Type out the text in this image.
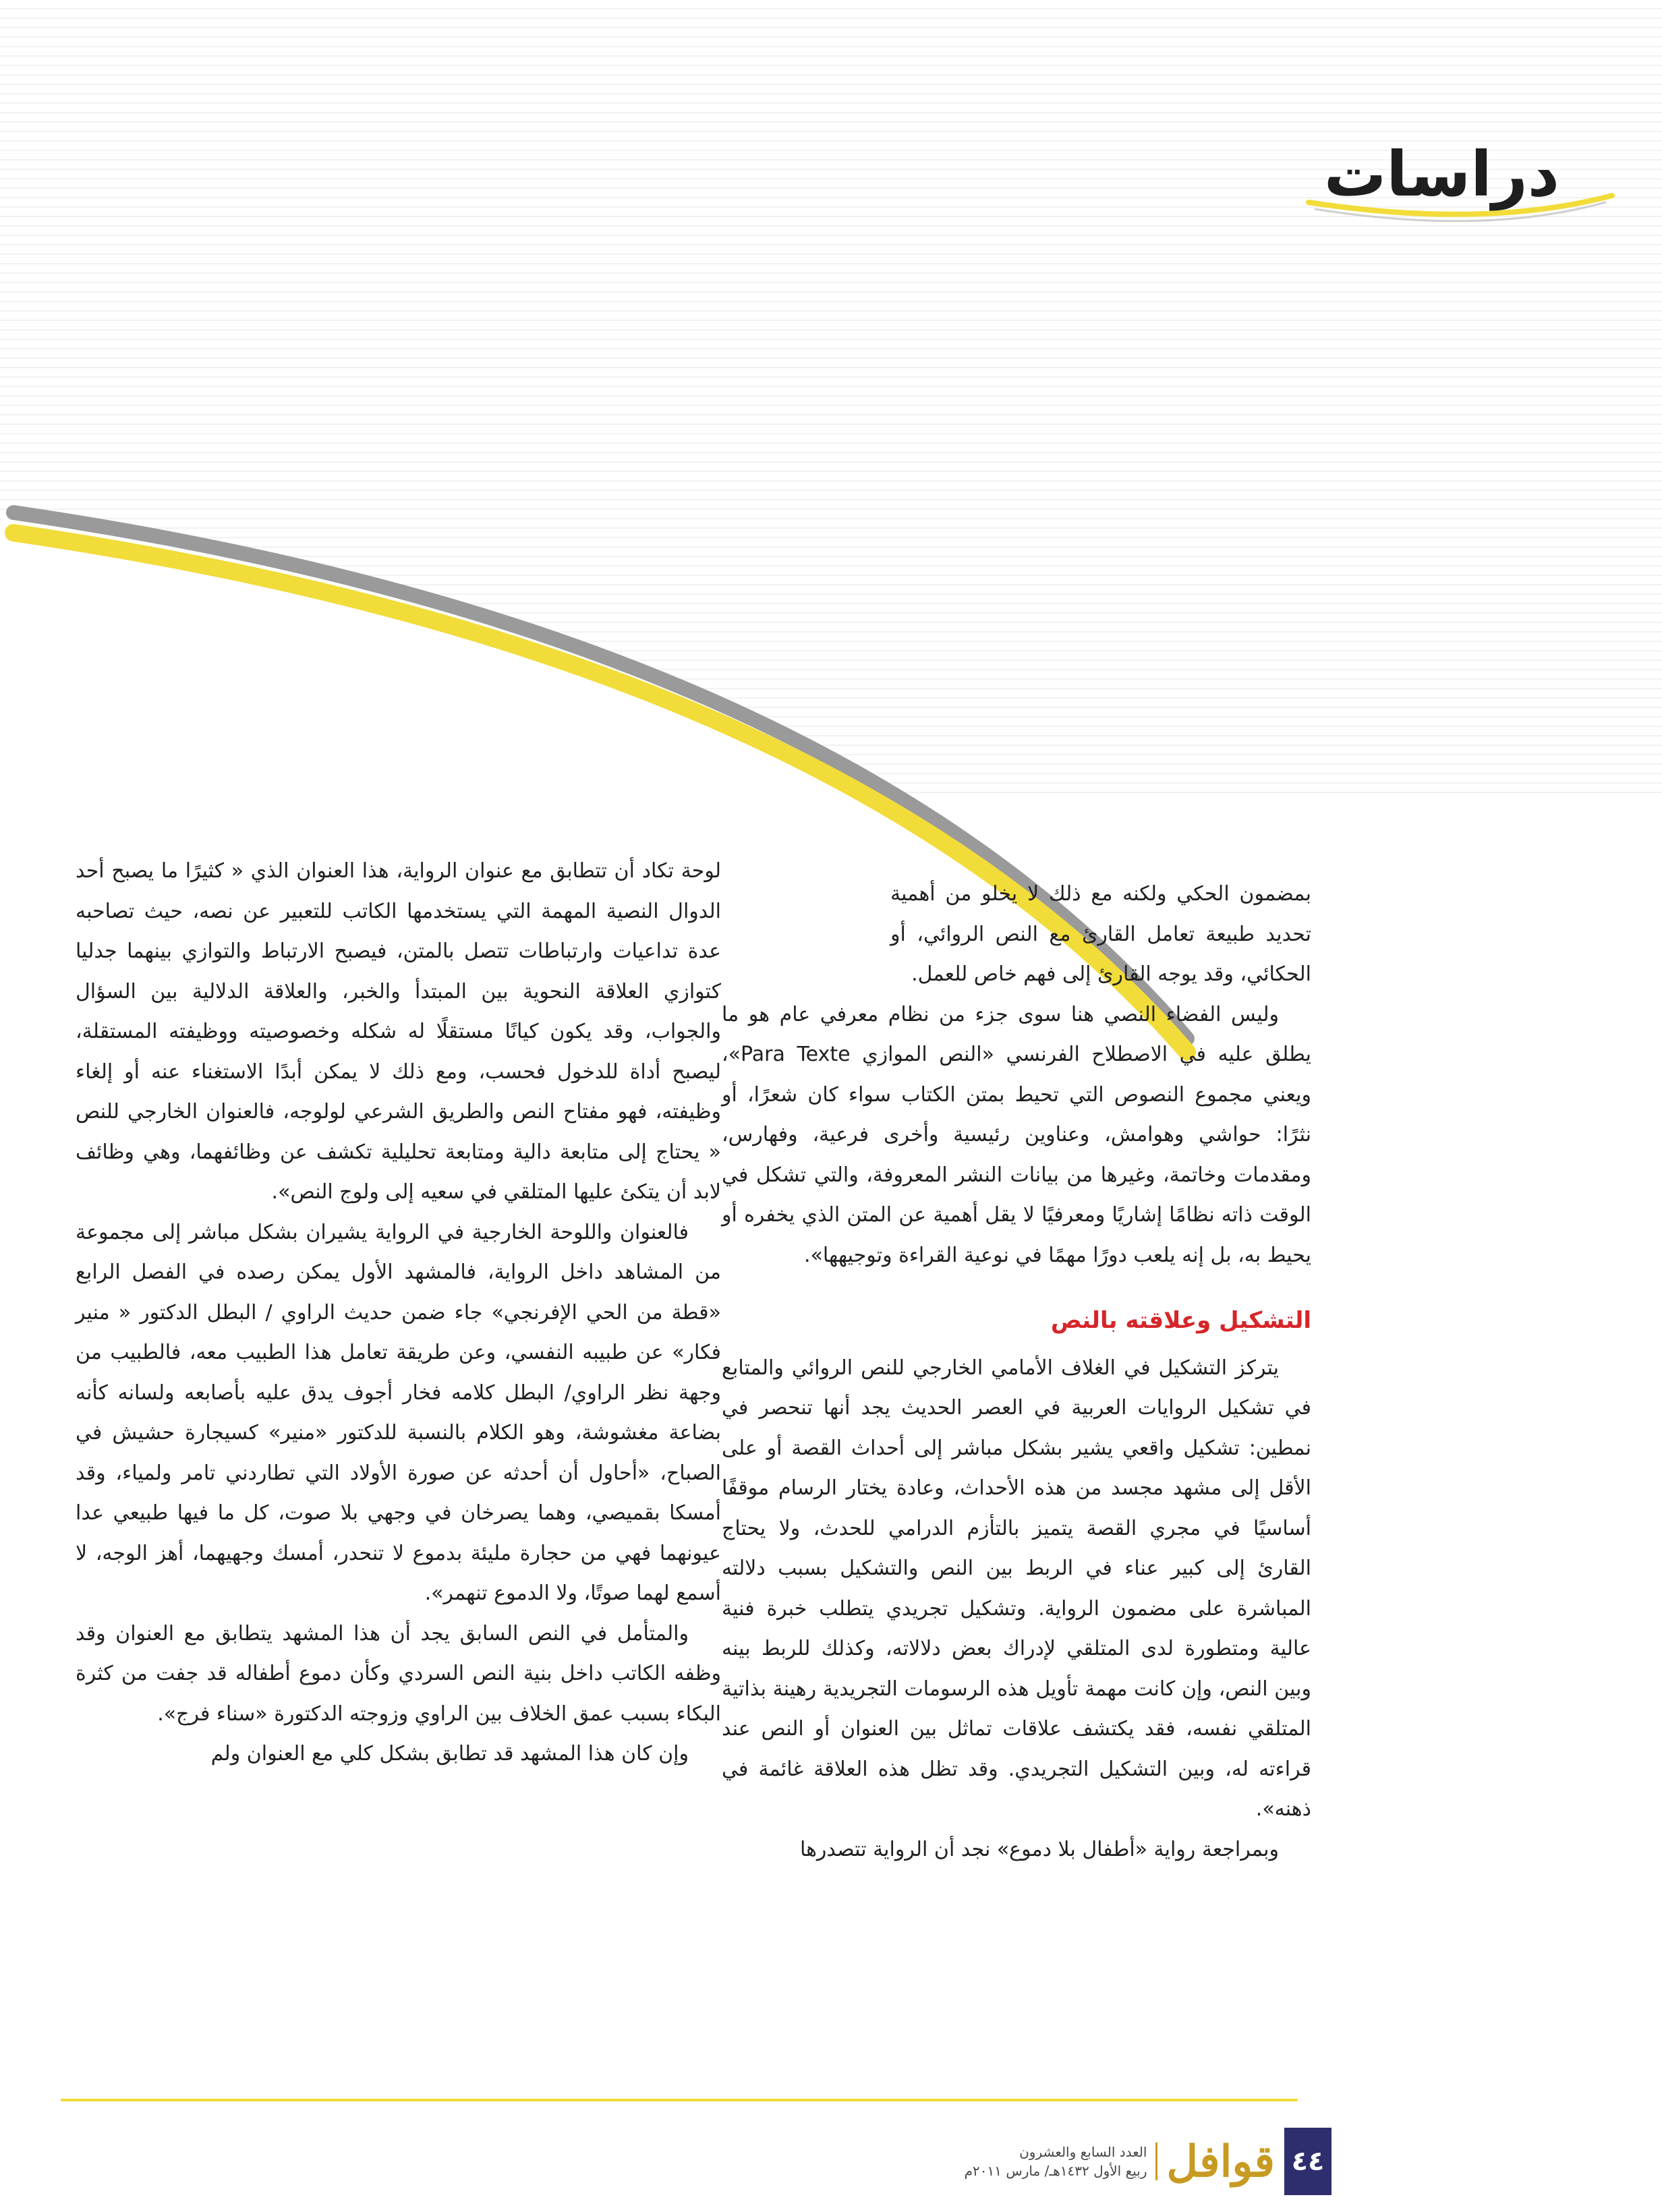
دراسات

بمضمون الحكي ولكنه مع ذلك لا يخلو من أهمية تحديد طبيعة تعامل القارئ مع النص الروائي، أو الحكائي، وقد يوجه القارئ إلى فهم خاص للعمل.

وليس الفضاء النصي هنا سوى جزء من نظام معرفي عام هو ما يطلق عليه في الاصطلاح الفرنسي «النص الموازي Para Texte»، ويعني مجموع النصوص التي تحيط بمتن الكتاب سواء كان شعرًا، أو نثرًا: حواشي وهوامش، وعناوين رئيسية وأخرى فرعية، وفهارس، ومقدمات وخاتمة، وغيرها من بيانات النشر المعروفة، والتي تشكل في الوقت ذاته نظامًا إشاريًا ومعرفيًا لا يقل أهمية عن المتن الذي يخفره أو يحيط به، بل إنه يلعب دورًا مهمًا في نوعية القراءة وتوجيهها».

التشكيل وعلاقته بالنص

يتركز التشكيل في الغلاف الأمامي الخارجي للنص الروائي والمتابع في تشكيل الروايات العربية في العصر الحديث يجد أنها تنحصر في نمطين: تشكيل واقعي يشير بشكل مباشر إلى أحداث القصة أو على الأقل إلى مشهد مجسد من هذه الأحداث، وعادة يختار الرسام موقفًا أساسيًا في مجري القصة يتميز بالتأزم الدرامي للحدث، ولا يحتاج القارئ إلى كبير عناء في الربط بين النص والتشكيل بسبب دلالته المباشرة على مضمون الرواية. وتشكيل تجريدي يتطلب خبرة فنية عالية ومتطورة لدى المتلقي لإدراك بعض دلالاته، وكذلك للربط بينه وبين النص، وإن كانت مهمة تأويل هذه الرسومات التجريدية رهينة بذاتية المتلقي نفسه، فقد يكتشف علاقات تماثل بين العنوان أو النص عند قراءته له، وبين التشكيل التجريدي. وقد تظل هذه العلاقة غائمة في ذهنه».

وبمراجعة رواية «أطفال بلا دموع» نجد أن الرواية تتصدرها

لوحة تكاد أن تتطابق مع عنوان الرواية، هذا العنوان الذي « كثيرًا ما يصبح أحد الدوال النصية المهمة التي يستخدمها الكاتب للتعبير عن نصه، حيث تصاحبه عدة تداعيات وارتباطات تتصل بالمتن، فيصبح الارتباط والتوازي بينهما جدليا كتوازي العلاقة النحوية بين المبتدأ والخبر، والعلاقة الدلالية بين السؤال والجواب، وقد يكون كيانًا مستقلًا له شكله وخصوصيته ووظيفته المستقلة، ليصبح أداة للدخول فحسب، ومع ذلك لا يمكن أبدًا الاستغناء عنه أو إلغاء وظيفته، فهو مفتاح النص والطريق الشرعي لولوجه، فالعنوان الخارجي للنص « يحتاج إلى متابعة دالية ومتابعة تحليلية تكشف عن وظائفهما، وهي وظائف لابد أن يتكئ عليها المتلقي في سعيه إلى ولوج النص».

فالعنوان واللوحة الخارجية في الرواية يشيران بشكل مباشر إلى مجموعة من المشاهد داخل الرواية، فالمشهد الأول يمكن رصده في الفصل الرابع «قطة من الحي الإفرنجي» جاء ضمن حديث الراوي / البطل الدكتور « منير فكار» عن طبيبه النفسي، وعن طريقة تعامل هذا الطبيب معه، فالطبيب من وجهة نظر الراوي/ البطل كلامه فخار أجوف يدق عليه بأصابعه ولسانه كأنه بضاعة مغشوشة، وهو الكلام بالنسبة للدكتور «منير» كسيجارة حشيش في الصباح، «أحاول أن أحدثه عن صورة الأولاد التي تطاردني تامر ولمياء، وقد أمسكا بقميصي، وهما يصرخان في وجهي بلا صوت، كل ما فيها طبيعي عدا عيونهما فهي من حجارة مليئة بدموع لا تنحدر، أمسك وجهيهما، أهز الوجه، لا أسمع لهما صوتًا، ولا الدموع تنهمر».

والمتأمل في النص السابق يجد أن هذا المشهد يتطابق مع العنوان وقد وظفه الكاتب داخل بنية النص السردي وكأن دموع أطفاله قد جفت من كثرة البكاء بسبب عمق الخلاف بين الراوي وزوجته الدكتورة «سناء فرج».

وإن كان هذا المشهد قد تطابق بشكل كلي مع العنوان ولم

٤٤
قوافل
العدد السابع والعشرون
ربيع الأول ١٤٣٢هـ/ مارس ٢٠١١م
